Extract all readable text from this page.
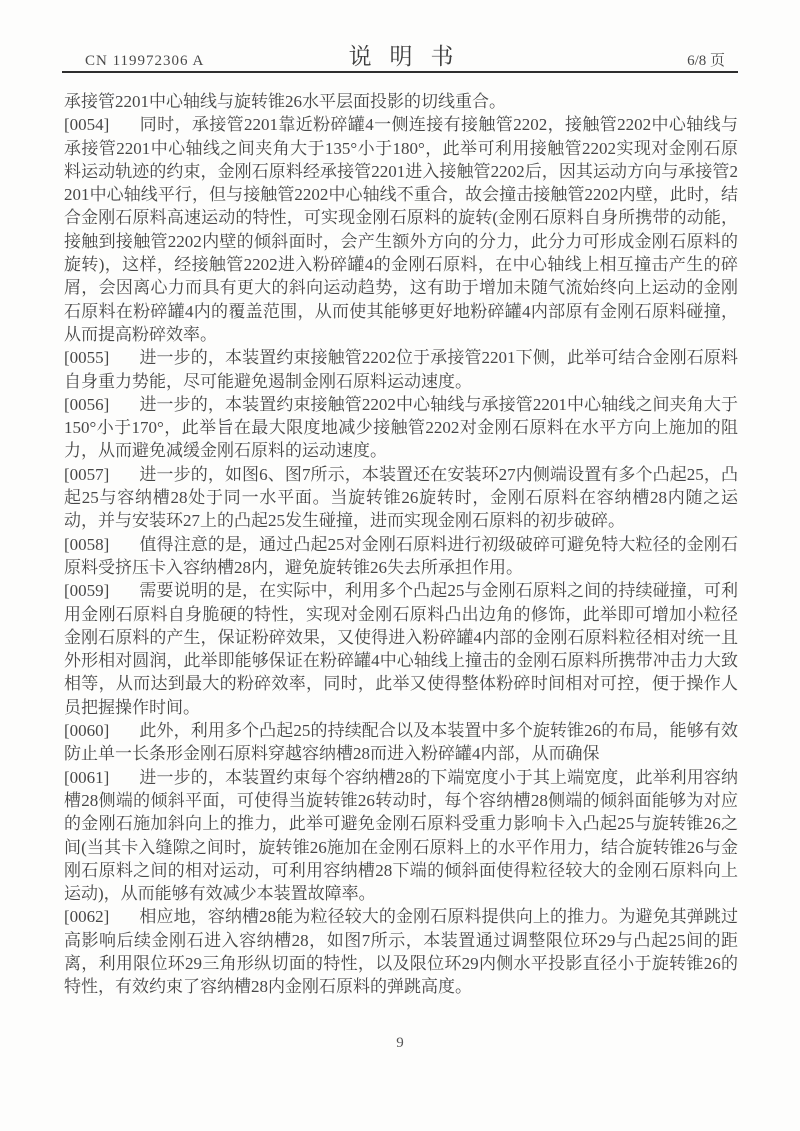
CN 119972306 A	说明书	6/8 页

承接管2201中心轴线与旋转锥26水平层面投影的切线重合。

[0054] 同时，承接管2201靠近粉碎罐4一侧连接有接触管2202，接触管2202中心轴线与承接管2201中心轴线之间夹角大于135°小于180°，此举可利用接触管2202实现对金刚石原料运动轨迹的约束，金刚石原料经承接管2201进入接触管2202后，因其运动方向与承接管2201中心轴线平行，但与接触管2202中心轴线不重合，故会撞击接触管2202内壁，此时，结合金刚石原料高速运动的特性，可实现金刚石原料的旋转(金刚石原料自身所携带的动能，接触到接触管2202内壁的倾斜面时，会产生额外方向的分力，此分力可形成金刚石原料的旋转)，这样，经接触管2202进入粉碎罐4的金刚石原料，在中心轴线上相互撞击产生的碎屑，会因离心力而具有更大的斜向运动趋势，这有助于增加未随气流始终向上运动的金刚石原料在粉碎罐4内的覆盖范围，从而使其能够更好地粉碎罐4内部原有金刚石原料碰撞，从而提高粉碎效率。

[0055] 进一步的，本装置约束接触管2202位于承接管2201下侧，此举可结合金刚石原料自身重力势能，尽可能避免遏制金刚石原料运动速度。

[0056] 进一步的，本装置约束接触管2202中心轴线与承接管2201中心轴线之间夹角大于150°小于170°，此举旨在最大限度地减少接触管2202对金刚石原料在水平方向上施加的阻力，从而避免减缓金刚石原料的运动速度。

[0057] 进一步的，如图6、图7所示，本装置还在安装环27内侧端设置有多个凸起25，凸起25与容纳槽28处于同一水平面。当旋转锥26旋转时，金刚石原料在容纳槽28内随之运动，并与安装环27上的凸起25发生碰撞，进而实现金刚石原料的初步破碎。

[0058] 值得注意的是，通过凸起25对金刚石原料进行初级破碎可避免特大粒径的金刚石原料受挤压卡入容纳槽28内，避免旋转锥26失去所承担作用。

[0059] 需要说明的是，在实际中，利用多个凸起25与金刚石原料之间的持续碰撞，可利用金刚石原料自身脆硬的特性，实现对金刚石原料凸出边角的修饰，此举即可增加小粒径金刚石原料的产生，保证粉碎效果，又使得进入粉碎罐4内部的金刚石原料粒径相对统一且外形相对圆润，此举即能够保证在粉碎罐4中心轴线上撞击的金刚石原料所携带冲击力大致相等，从而达到最大的粉碎效率，同时，此举又使得整体粉碎时间相对可控，便于操作人员把握操作时间。

[0060] 此外，利用多个凸起25的持续配合以及本装置中多个旋转锥26的布局，能够有效防止单一长条形金刚石原料穿越容纳槽28而进入粉碎罐4内部，从而确保

[0061] 进一步的，本装置约束每个容纳槽28的下端宽度小于其上端宽度，此举利用容纳槽28侧端的倾斜平面，可使得当旋转锥26转动时，每个容纳槽28侧端的倾斜面能够为对应的金刚石施加斜向上的推力，此举可避免金刚石原料受重力影响卡入凸起25与旋转锥26之间(当其卡入缝隙之间时，旋转锥26施加在金刚石原料上的水平作用力，结合旋转锥26与金刚石原料之间的相对运动，可利用容纳槽28下端的倾斜面使得粒径较大的金刚石原料向上运动)，从而能够有效减少本装置故障率。

[0062] 相应地，容纳槽28能为粒径较大的金刚石原料提供向上的推力。为避免其弹跳过高影响后续金刚石进入容纳槽28，如图7所示，本装置通过调整限位环29与凸起25间的距离，利用限位环29三角形纵切面的特性，以及限位环29内侧水平投影直径小于旋转锥26的特性，有效约束了容纳槽28内金刚石原料的弹跳高度。

9
